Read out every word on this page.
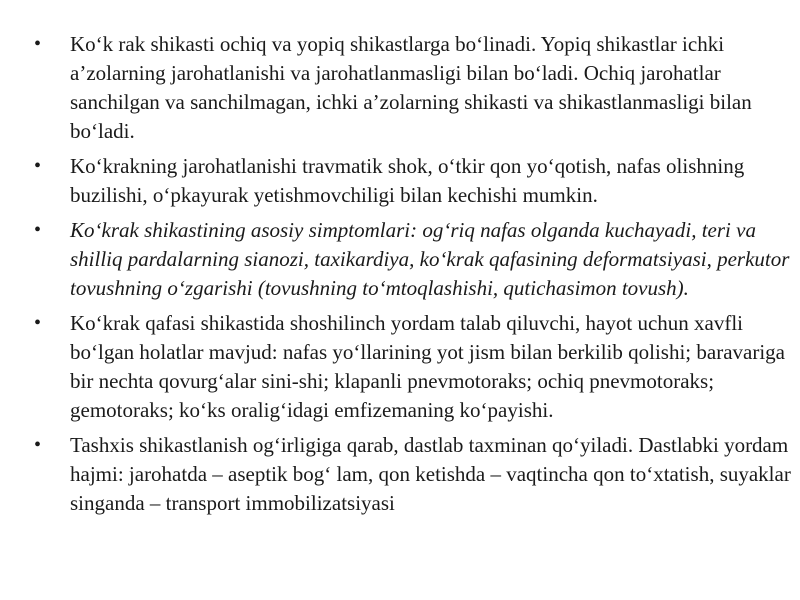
•	Ko‘k rak shikasti ochiq va yopiq shikastlarga bo‘linadi. Yopiq shikastlar ichki a’zolarning jarohatlanishi va jarohatlanmasligi bilan bo‘ladi. Ochiq jarohatlar sanchilgan va sanchilmagan, ichki a’zolarning shikasti va shikastlanmasligi bilan bo‘ladi.
•	Ko‘krakning jarohatlanishi travmatik shok, o‘tkir qon yo‘qotish, nafas olishning buzilishi, o‘pkayurak yetishmovchiligi bilan kechishi mumkin.
•	Ko‘krak shikastining asosiy simptomlari: og‘riq nafas olganda kuchayadi, teri va shilliq pardalarning sianozi, taxikardiya, ko‘krak qafasining deformatsiyasi, perkutor tovushning o‘zgarishi (tovushning to‘mtoqlashishi, qutichasimon tovush).
•	Ko‘krak qafasi shikastida shoshilinch yordam talab qiluvchi, hayot uchun xavfli bo‘lgan holatlar mavjud: nafas yo‘llarining yot jism bilan berkilib qolishi; baravariga bir nechta qovurg‘alar sini-shi; klapanli pnevmotoraks; ochiq pnevmotoraks; gemotoraks; ko‘ks oralig‘idagi emfizemaning ko‘payishi.
•	Tashxis shikastlanish og‘irligiga qarab, dastlab taxminan qo‘yiladi. Dastlabki yordam hajmi: jarohatda – aseptik bog‘ lam, qon ketishda – vaqtincha qon to‘xtatish, suyaklar singanda – transport immobilizatsiyasi
